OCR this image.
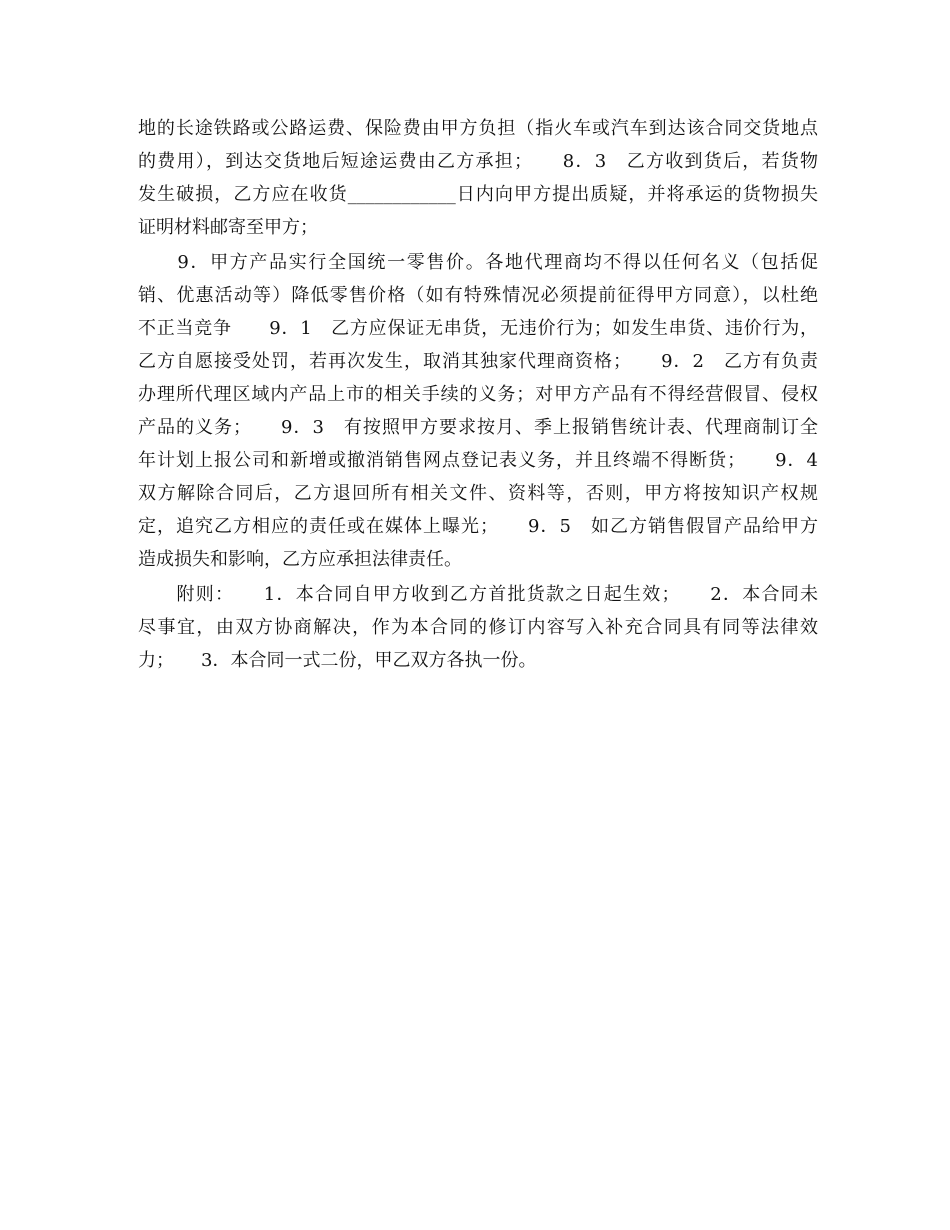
地的长途铁路或公路运费、保险费由甲方负担（指火车或汽车到达该合同交货地点
的费用），到达交货地后短途运费由乙方承担；　　8．3　乙方收到货后，若货物
发生破损，乙方应在收货____________日内向甲方提出质疑，并将承运的货物损失
证明材料邮寄至甲方；
　　9．甲方产品实行全国统一零售价。各地代理商均不得以任何名义（包括促
销、优惠活动等）降低零售价格（如有特殊情况必须提前征得甲方同意），以杜绝
不正当竞争　　9．1　乙方应保证无串货，无违价行为；如发生串货、违价行为，
乙方自愿接受处罚，若再次发生，取消其独家代理商资格；　　9．2　乙方有负责
办理所代理区域内产品上市的相关手续的义务；对甲方产品有不得经营假冒、侵权
产品的义务；　　9．3　有按照甲方要求按月、季上报销售统计表、代理商制订全
年计划上报公司和新增或撤消销售网点登记表义务，并且终端不得断货；　　9．4
双方解除合同后，乙方退回所有相关文件、资料等，否则，甲方将按知识产权规
定，追究乙方相应的责任或在媒体上曝光；　　9．5　如乙方销售假冒产品给甲方
造成损失和影响，乙方应承担法律责任。
　　附则：　　1．本合同自甲方收到乙方首批货款之日起生效；　　2．本合同未
尽事宜，由双方协商解决，作为本合同的修订内容写入补充合同具有同等法律效
力；　　3．本合同一式二份，甲乙双方各执一份。
